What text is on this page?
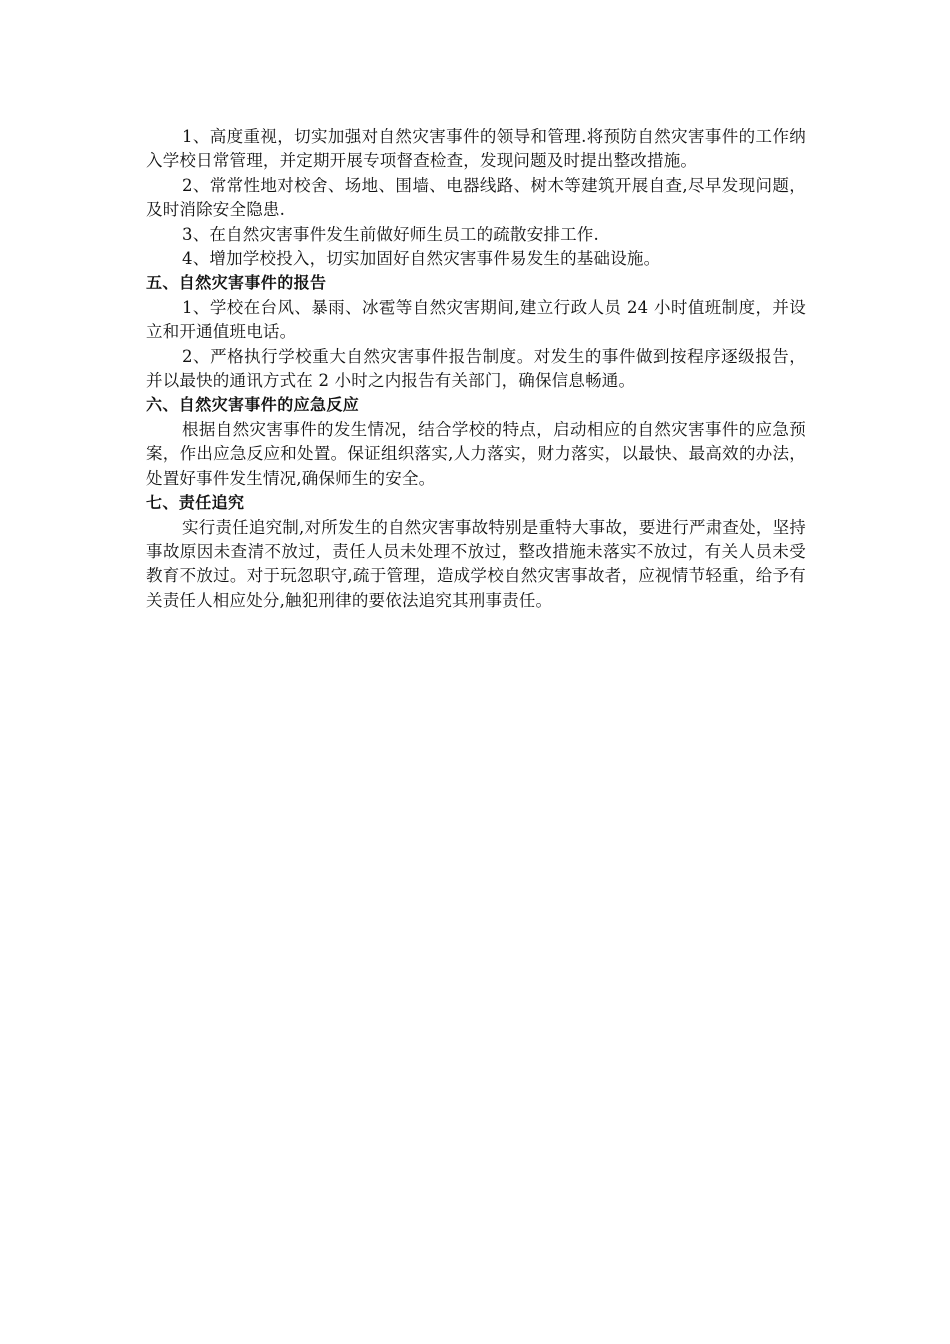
1、高度重视，切实加强对自然灾害事件的领导和管理.将预防自然灾害事件的工作纳入学校日常管理，并定期开展专项督查检查，发现问题及时提出整改措施。

2、常常性地对校舍、场地、围墙、电器线路、树木等建筑开展自查,尽早发现问题，及时消除安全隐患.

3、在自然灾害事件发生前做好师生员工的疏散安排工作.

4、增加学校投入，切实加固好自然灾害事件易发生的基础设施。

五、自然灾害事件的报告

1、学校在台风、暴雨、冰雹等自然灾害期间,建立行政人员 24 小时值班制度，并设立和开通值班电话。

2、严格执行学校重大自然灾害事件报告制度。对发生的事件做到按程序逐级报告，并以最快的通讯方式在 2 小时之内报告有关部门，确保信息畅通。

六、自然灾害事件的应急反应

根据自然灾害事件的发生情况，结合学校的特点，启动相应的自然灾害事件的应急预案，作出应急反应和处置。保证组织落实,人力落实，财力落实，以最快、最高效的办法，处置好事件发生情况,确保师生的安全。

七、责任追究

实行责任追究制,对所发生的自然灾害事故特别是重特大事故，要进行严肃查处，坚持事故原因未查清不放过，责任人员未处理不放过，整改措施未落实不放过，有关人员未受教育不放过。对于玩忽职守,疏于管理，造成学校自然灾害事故者，应视情节轻重，给予有关责任人相应处分,触犯刑律的要依法追究其刑事责任。
